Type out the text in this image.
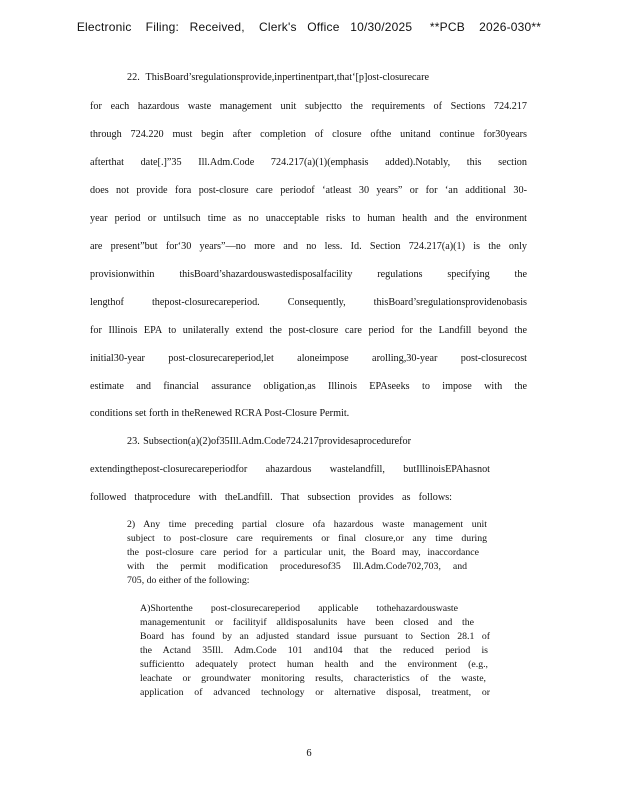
Electronic    Filing:   Received,    Clerk's   Office   10/30/2025     **PCB    2026-030**
22. ThisBoard’sregulationsprovide,inpertinentpart,that‘[p]ost-closurecare
for each hazardous waste management unit subjectto the requirements of Sections 724.217
through 724.220 must begin after completion of closure ofthe unitand continue for30years
afterthat date[.]”35 Ill.Adm.Code 724.217(a)(1)(emphasis added).Notably, this section
does not provide fora post-closure care periodof ‘atleast 30 years” or for ‘an additional 30-
year period or untilsuch time as no unacceptable risks to human health and the environment
are present”but for‘30 years”—no more and no less. Id. Section 724.217(a)(1) is the only
provisionwithin thisBoard’shazardouswastedisposalfacility regulations specifying the
lengthof thepost-closurecareperiod. Consequently, thisBoard’sregulationsprovidenobasis
for Illinois EPA to unilaterally extend the post-closure care period for the Landfill beyond the
initial30-year post-closurecareperiod,let aloneimpose arolling,30-year post-closurecost
estimate and financial assurance obligation,as Illinois EPAseeks to impose with the
conditions set forth in theRenewed RCRA Post-Closure Permit.
23. Subsection(a)(2)of35Ill.Adm.Code724.217providesaprocedurefor
extendingthepost-closurecareperiodfor ahazardous wastelandfill, butIllinoisEPAhasnot
followed thatprocedure with theLandfill. That subsection provides as follows:
2) Any time preceding partial closure ofa hazardous waste management unit
subject to post-closure care requirements or final closure,or any time during
the post-closure care period for a particular unit, the Board may, inaccordance
with the permit modification proceduresof35 Ill.Adm.Code702,703, and
705, do either of the following:
A)Shortenthe post-closurecareperiod applicable tothehazardouswaste
managementunit or facilityif alldisposalunits have been closed and the
Board has found by an adjusted standard issue pursuant to Section 28.1 of
the Actand 35Ill. Adm.Code 101 and104 that the reduced period is
sufficientto adequately protect human health and the environment (e.g.,
leachate or groundwater monitoring results, characteristics of the waste,
application of advanced technology or alternative disposal, treatment, or
6
